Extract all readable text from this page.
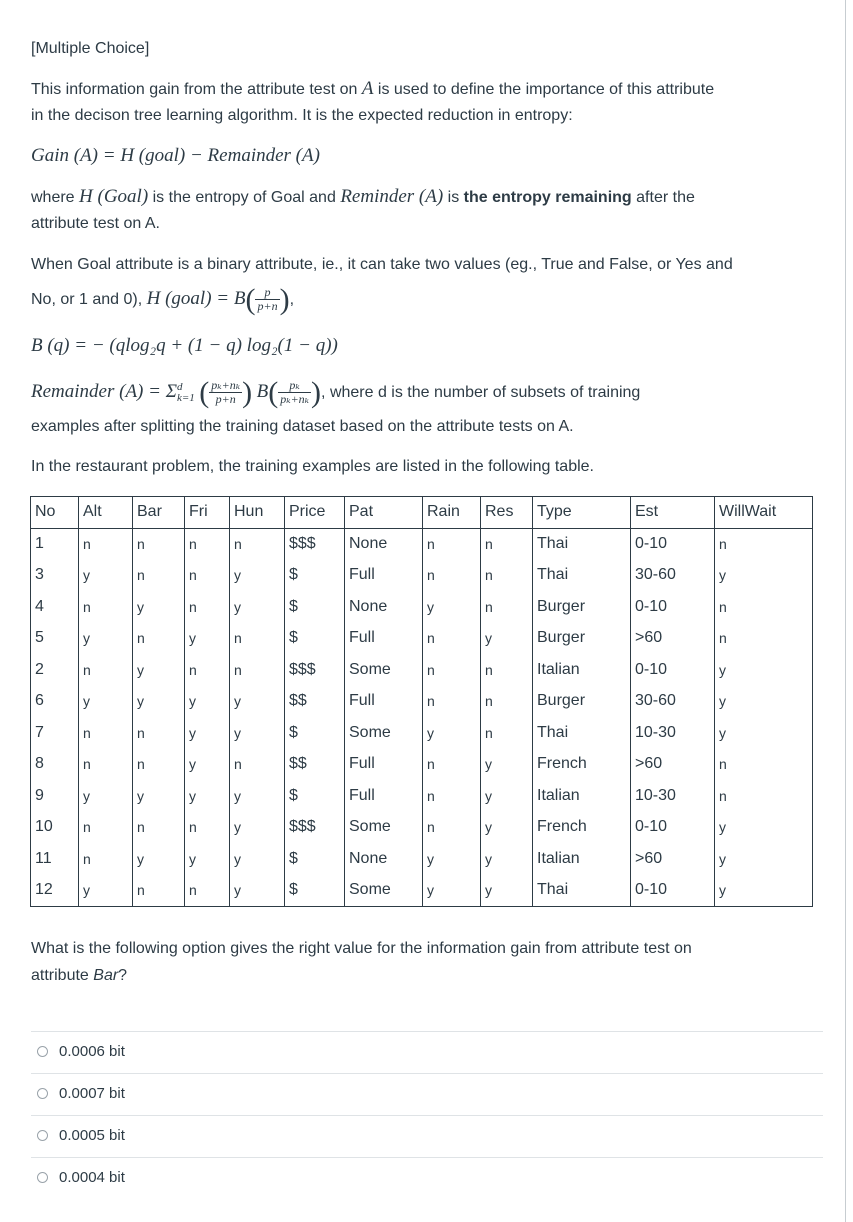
[Multiple Choice]
This information gain from the attribute test on A is used to define the importance of this attribute
in the decison tree learning algorithm. It is the expected reduction in entropy:
Gain (A) = H (goal) − Remainder (A)
where H (Goal) is the entropy of Goal and Reminder (A) is the entropy remaining after the
attribute test on A.
When Goal attribute is a binary attribute, ie., it can take two values (eg., True and False, or Yes and
No, or 1 and 0), H (goal) = $B( \frac{p}{p+n}$ ),
B (q) = − (qlog₂q + (1 − q) log₂(1 − q))
Remainder (A) = Σ d
k=1 ( $\frac{\text{pₖ+nₖ}}{p+n}$ ) $B( \frac{\text{pₖ}}{\text{pₖ+nₖ}}$ ), where d is the number of subsets of training
examples after splitting the training dataset based on the attribute tests on A.
In the restaurant problem, the training examples are listed in the following table.
No	Alt	Bar	Fri	Hun	Price	Pat	Rain	Res	Type	Est	WillWait
1	n	n	n	n	$$$	None	n	n	Thai	0-10	n
3	y	n	n	y	$	Full	n	n	Thai	30-60	y
4	n	y	n	y	$	None	y	n	Burger	0-10	n
5	y	n	y	n	$	Full	n	y	Burger	>60	n
2	n	y	n	n	$$$	Some	n	n	Italian	0-10	y
6	y	y	y	y	$$	Full	n	n	Burger	30-60	y
7	n	n	y	y	$	Some	y	n	Thai	10-30	y
8	n	n	y	n	$$	Full	n	y	French	>60	n
9	y	y	y	y	$	Full	n	y	Italian	10-30	n
10	n	n	n	y	$$$	Some	n	y	French	0-10	y
11	n	y	y	y	$	None	y	y	Italian	>60	y
12	y	n	n	y	$	Some	y	y	Thai	0-10	y
What is the following option gives the right value for the information gain from attribute test on
attribute Bar?
0.0006 bit
0.0007 bit
0.0005 bit
0.0004 bit
